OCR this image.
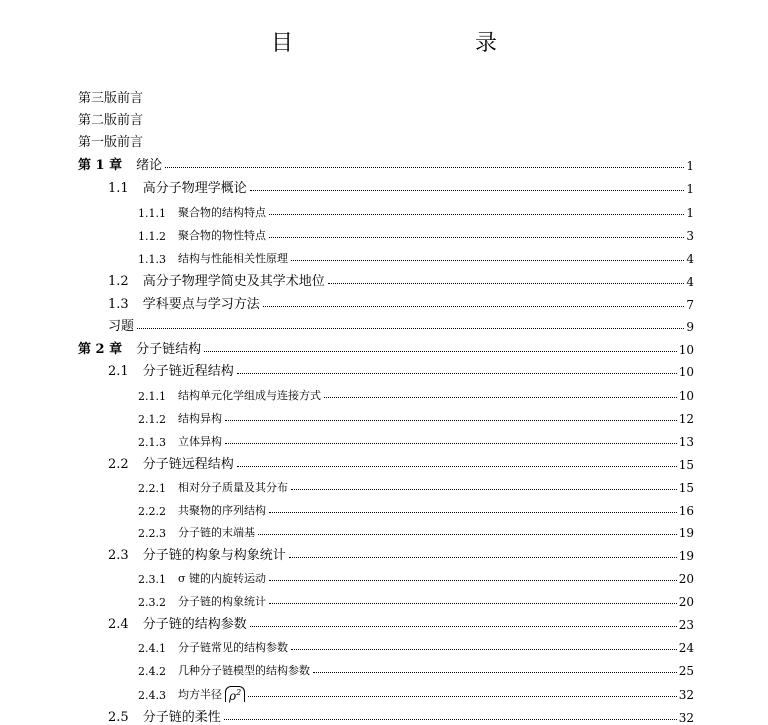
目　　录
第三版前言
第二版前言
第一版前言
第 1 章 绪论	1
1.1 高分子物理学概论	1
1.1.1 聚合物的结构特点	1
1.1.2 聚合物的物性特点	3
1.1.3 结构与性能相关性原理	4
1.2 高分子物理学简史及其学术地位	4
1.3 学科要点与学习方法	7
习题	9
第 2 章 分子链结构	10
2.1 分子链近程结构	10
2.1.1 结构单元化学组成与连接方式	10
2.1.2 结构异构	12
2.1.3 立体异构	13
2.2 分子链远程结构	15
2.2.1 相对分子质量及其分布	15
2.2.2 共聚物的序列结构	16
2.2.3 分子链的末端基	19
2.3 分子链的构象与构象统计	19
2.3.1 σ 键的内旋转运动	20
2.3.2 分子链的构象统计	20
2.4 分子链的结构参数	23
2.4.1 分子链常见的结构参数	24
2.4.2 几种分子链模型的结构参数	25
2.4.3 均方半径 $\rho^2$	32
2.5 分子链的柔性	32
